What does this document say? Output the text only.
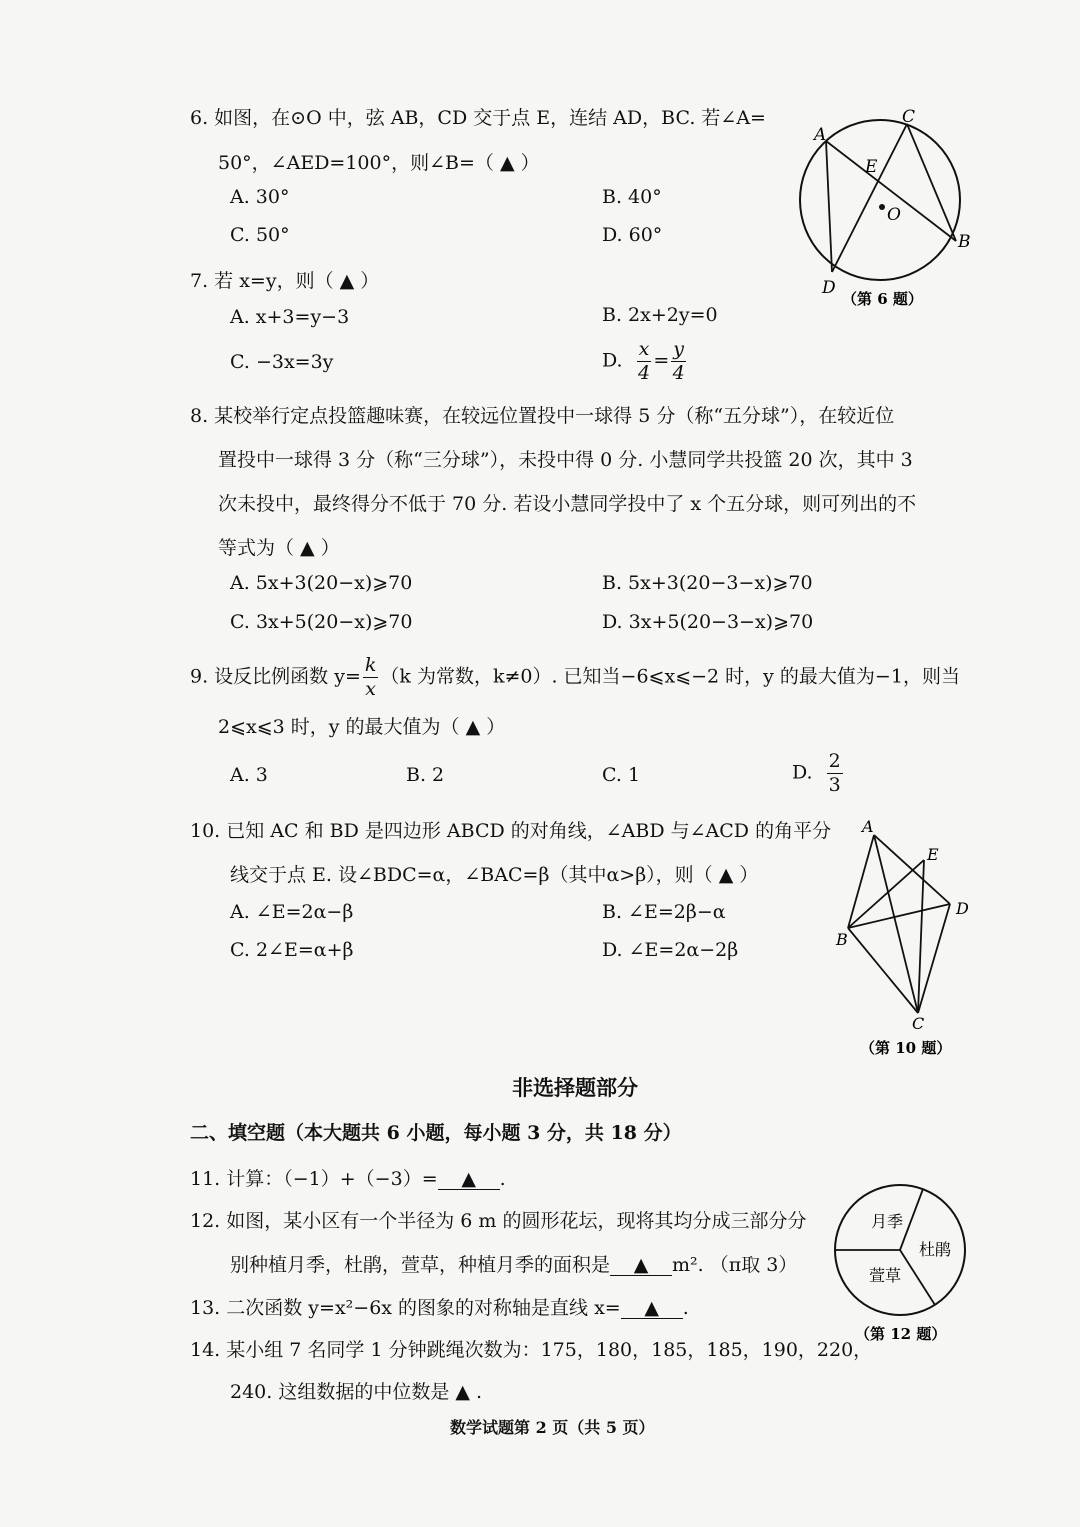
6. 如图，在⊙O 中，弦 AB，CD 交于点 E，连结 AD，BC. 若∠A=
50°，∠AED=100°，则∠B=（ ▲ ）
A. 30°	B. 40°
C. 50°	D. 60°
A
C
E
O
B
D
（第 6 题）
7. 若 x=y，则（ ▲ ）
A. x+3=y−3	B. 2x+2y=0
C. −3x=3y	D. $\frac{x}{4} = \frac{y}{4}$
8. 某校举行定点投篮趣味赛，在较远位置投中一球得 5 分（称“五分球”），在较近位
置投中一球得 3 分（称“三分球”），未投中得 0 分. 小慧同学共投篮 20 次，其中 3
次未投中，最终得分不低于 70 分. 若设小慧同学投中了 x 个五分球，则可列出的不
等式为（ ▲ ）
A. 5x+3(20−x)⩾70	B. 5x+3(20−3−x)⩾70
C. 3x+5(20−x)⩾70	D. 3x+5(20−3−x)⩾70
9. 设反比例函数 $y= \frac{k}{x} (k$ 为常数，k≠0）. 已知当−6⩽x⩽−2 时，y 的最大值为−1，则当
2⩽x⩽3 时，y 的最大值为（ ▲ ）
A. 3	B. 2	C. 1	D. $\frac{2}{3}$
10. 已知 AC 和 BD 是四边形 ABCD 的对角线，∠ABD 与∠ACD 的角平分
线交于点 E. 设∠BDC=α，∠BAC=β（其中α>β），则（ ▲ ）
A. ∠E=2α−β	B. ∠E=2β−α
C. 2∠E=α+β	D. ∠E=2α−2β
A
E
D
B
C
（第 10 题）
非选择题部分
二、填空题（本大题共 6 小题，每小题 3 分，共 18 分）
11. 计算：（−1）+（−3）= ▲ .
12. 如图，某小区有一个半径为 6 m 的圆形花坛，现将其均分成三部分分
别种植月季，杜鹃，萱草，种植月季的面积是 ▲ m². （π取 3）
月季
杜鹃
萱草
（第 12 题）
13. 二次函数 y=x²−6x 的图象的对称轴是直线 x= ▲ .
14. 某小组 7 名同学 1 分钟跳绳次数为：175，180，185，185，190，220，
240. 这组数据的中位数是 ▲ .
数学试题第 2 页（共 5 页）
